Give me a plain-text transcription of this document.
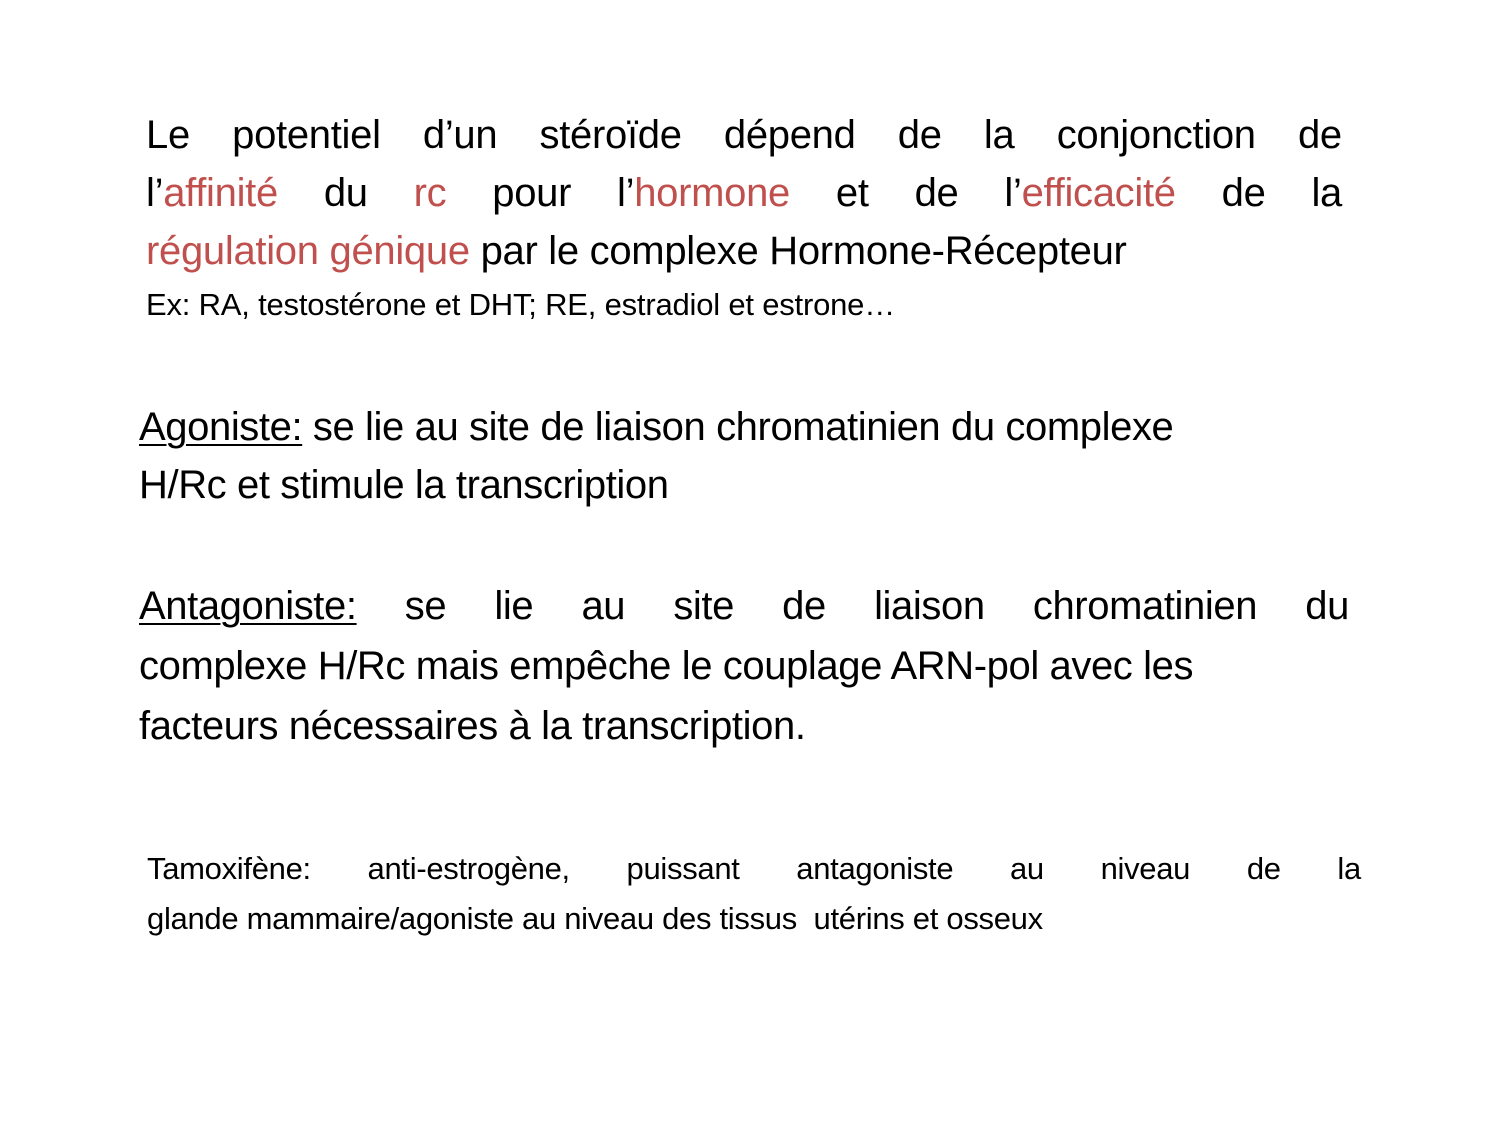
Le potentiel d’un stéroïde dépend de la conjonction de
l’affinité du rc pour l’hormone et de l’efficacité de la
régulation génique par le complexe Hormone-Récepteur
Ex: RA, testostérone et DHT; RE, estradiol et estrone…
Agoniste: se lie au site de liaison chromatinien du complexe
H/Rc et stimule la transcription
Antagoniste: se lie au site de liaison chromatinien du
complexe H/Rc mais empêche le couplage ARN-pol avec les
facteurs nécessaires à la transcription.
Tamoxifène: anti-estrogène, puissant antagoniste au niveau de la
glande mammaire/agoniste au niveau des tissus  utérins et osseux
